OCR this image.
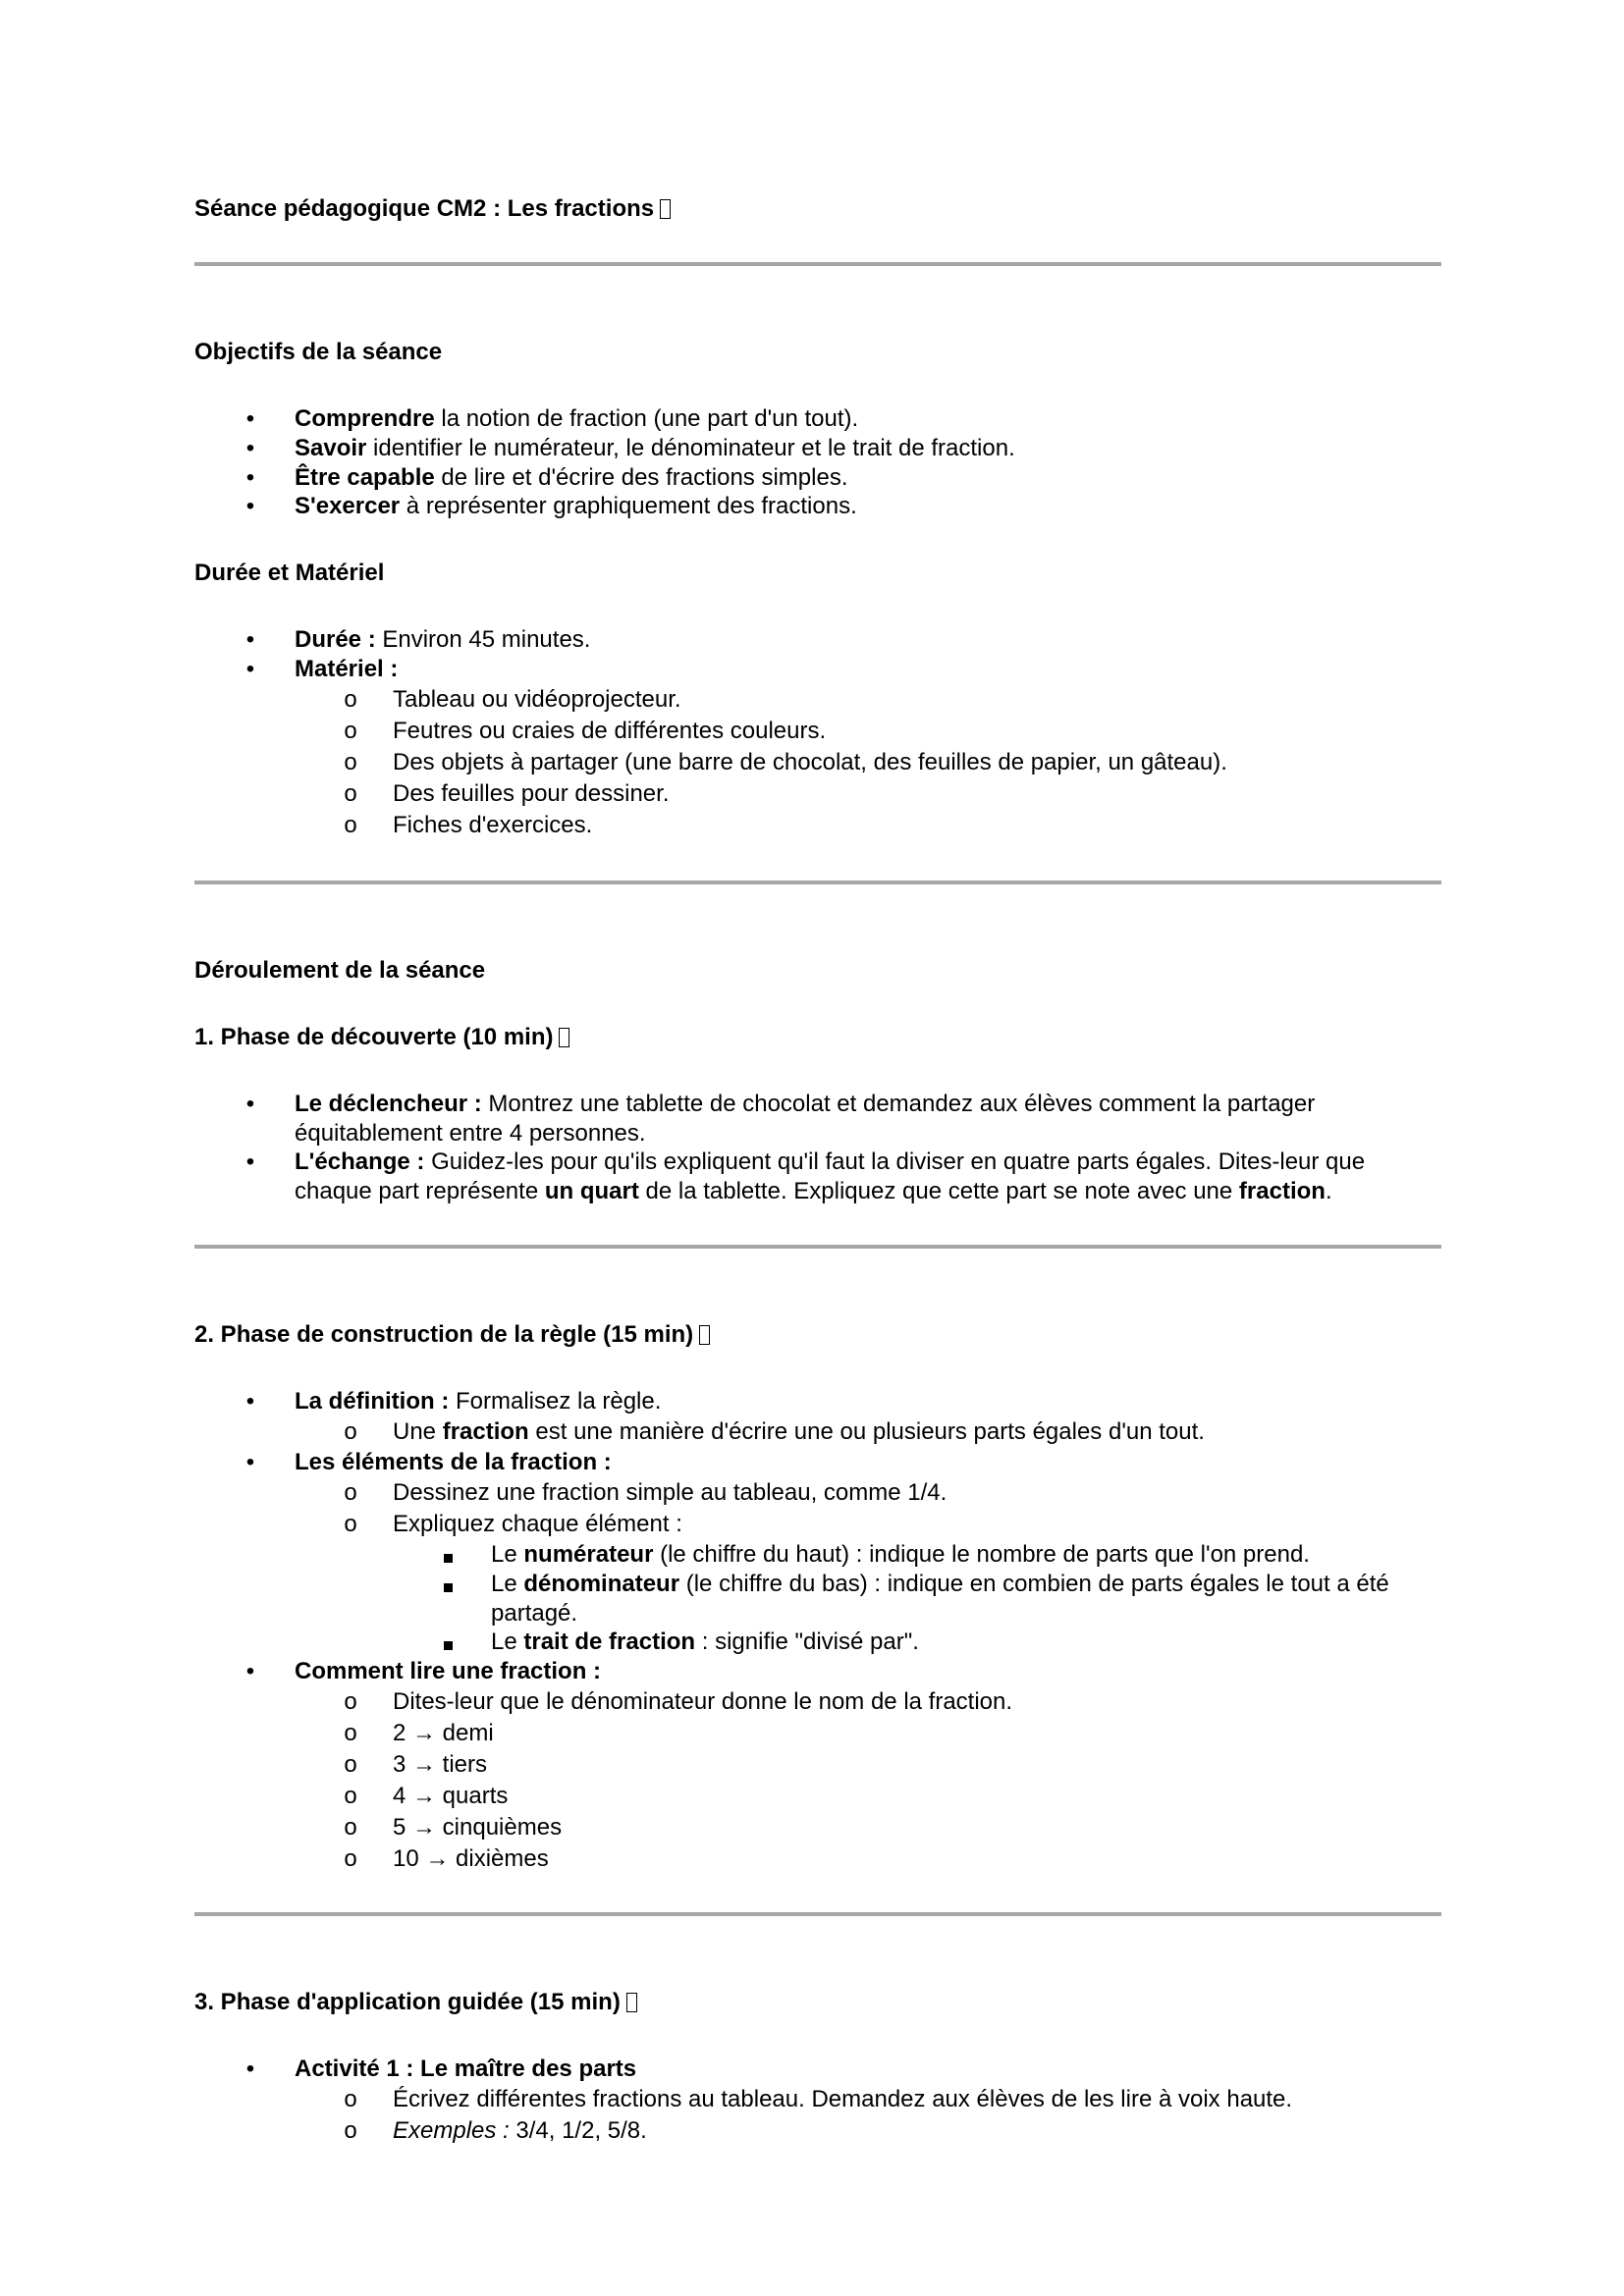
Séance pédagogique CM2 : Les fractions
Objectifs de la séance
•	Comprendre la notion de fraction (une part d'un tout).
•	Savoir identifier le numérateur, le dénominateur et le trait de fraction.
•	Être capable de lire et d'écrire des fractions simples.
•	S'exercer à représenter graphiquement des fractions.
Durée et Matériel
•	Durée : Environ 45 minutes.
•	Matériel :
o	Tableau ou vidéoprojecteur.
o	Feutres ou craies de différentes couleurs.
o	Des objets à partager (une barre de chocolat, des feuilles de papier, un gâteau).
o	Des feuilles pour dessiner.
o	Fiches d'exercices.
Déroulement de la séance
1. Phase de découverte (10 min)
•	Le déclencheur : Montrez une tablette de chocolat et demandez aux élèves comment la partager
équitablement entre 4 personnes.
•	L'échange : Guidez-les pour qu'ils expliquent qu'il faut la diviser en quatre parts égales. Dites-leur que
chaque part représente un quart de la tablette. Expliquez que cette part se note avec une fraction.
2. Phase de construction de la règle (15 min)
•	La définition : Formalisez la règle.
o	Une fraction est une manière d'écrire une ou plusieurs parts égales d'un tout.
•	Les éléments de la fraction :
o	Dessinez une fraction simple au tableau, comme 1/4.
o	Expliquez chaque élément :
Le numérateur (le chiffre du haut) : indique le nombre de parts que l'on prend.
Le dénominateur (le chiffre du bas) : indique en combien de parts égales le tout a été
partagé.
Le trait de fraction : signifie "divisé par".
•	Comment lire une fraction :
o	Dites-leur que le dénominateur donne le nom de la fraction.
o	2 → demi
o	3 → tiers
o	4 → quarts
o	5 → cinquièmes
o	10 → dixièmes
3. Phase d'application guidée (15 min)
•	Activité 1 : Le maître des parts
o	Écrivez différentes fractions au tableau. Demandez aux élèves de les lire à voix haute.
o	Exemples : 3/4, 1/2, 5/8.
